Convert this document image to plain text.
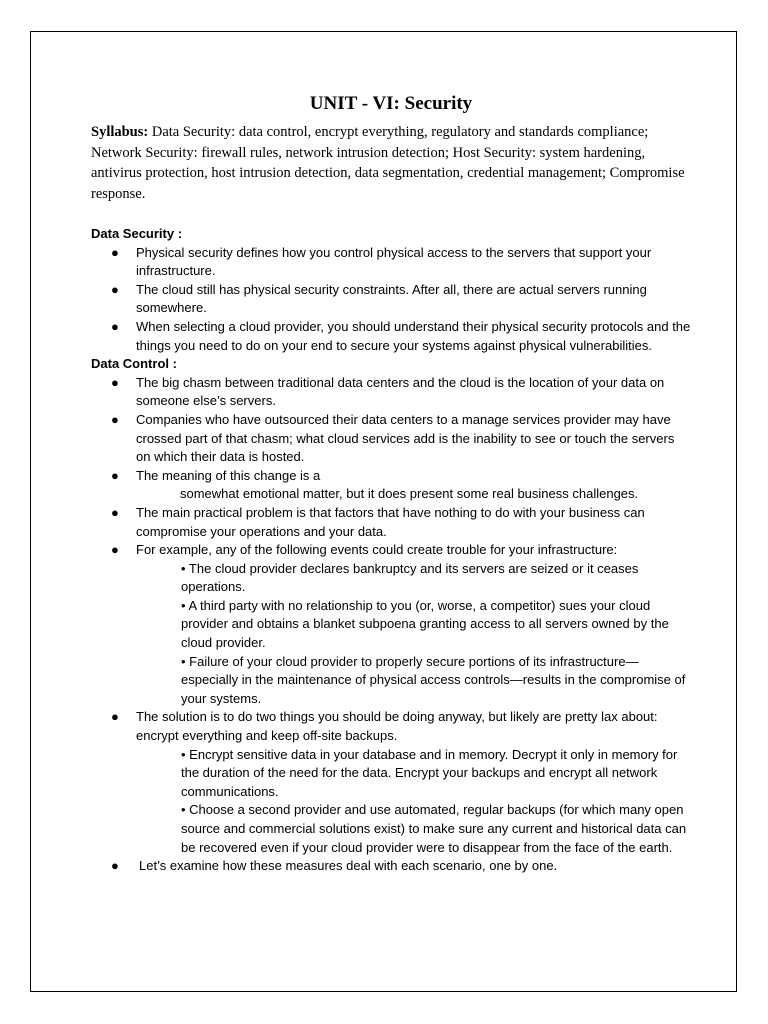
UNIT - VI: Security

Syllabus: Data Security: data control, encrypt everything, regulatory and standards compliance; Network Security: firewall rules, network intrusion detection; Host Security: system hardening, antivirus protection, host intrusion detection, data segmentation, credential management; Compromise response.

Data Security :

● Physical security defines how you control physical access to the servers that support your infrastructure.
● The cloud still has physical security constraints. After all, there are actual servers running somewhere.
● When selecting a cloud provider, you should understand their physical security protocols and the things you need to do on your end to secure your systems against physical vulnerabilities.

Data Control :

● The big chasm between traditional data centers and the cloud is the location of your data on someone else’s servers.
● Companies who have outsourced their data centers to a manage services provider may have crossed part of that chasm; what cloud services add is the inability to see or touch the servers on which their data is hosted.
● The meaning of this change is a
somewhat emotional matter, but it does present some real business challenges.
● The main practical problem is that factors that have nothing to do with your business can compromise your operations and your data.
● For example, any of the following events could create trouble for your infrastructure:
• The cloud provider declares bankruptcy and its servers are seized or it ceases operations.
• A third party with no relationship to you (or, worse, a competitor) sues your cloud provider and obtains a blanket subpoena granting access to all servers owned by the cloud provider.
• Failure of your cloud provider to properly secure portions of its infrastructure—especially in the maintenance of physical access controls—results in the compromise of your systems.
● The solution is to do two things you should be doing anyway, but likely are pretty lax about: encrypt everything and keep off-site backups.
• Encrypt sensitive data in your database and in memory. Decrypt it only in memory for the duration of the need for the data. Encrypt your backups and encrypt all network communications.
• Choose a second provider and use automated, regular backups (for which many open source and commercial solutions exist) to make sure any current and historical data can be recovered even if your cloud provider were to disappear from the face of the earth.
● Let’s examine how these measures deal with each scenario, one by one.
